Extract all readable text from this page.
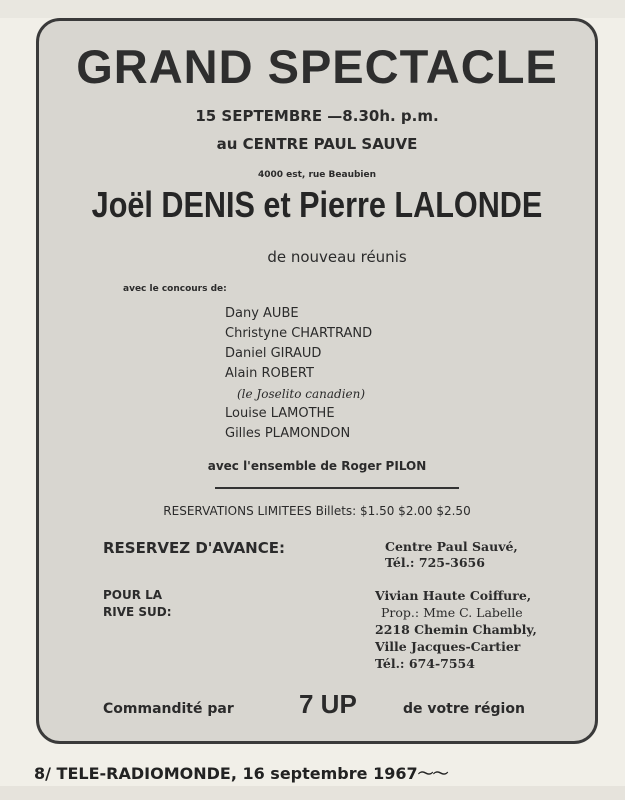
GRAND SPECTACLE
15 SEPTEMBRE —8.30h. p.m.
au CENTRE PAUL SAUVE
4000 est, rue Beaubien
Joël DENIS et Pierre LALONDE
de nouveau réunis
avec le concours de:
Dany AUBE
Christyne CHARTRAND
Daniel GIRAUD
Alain ROBERT
(le Joselito canadien)
Louise LAMOTHE
Gilles PLAMONDON
avec l'ensemble de Roger PILON
RESERVATIONS LIMITEES Billets: $1.50 $2.00 $2.50
RESERVEZ D'AVANCE:	Centre Paul Sauvé,
Tél.: 725-3656
POUR LA
RIVE SUD:
Vivian Haute Coiffure,
Prop.: Mme C. Labelle
2218 Chemin Chambly,
Ville Jacques-Cartier
Tél.: 674-7554
Commandité par	7 UP	de votre région
8/ TELE-RADIOMONDE, 16 septembre 1967〜〜
